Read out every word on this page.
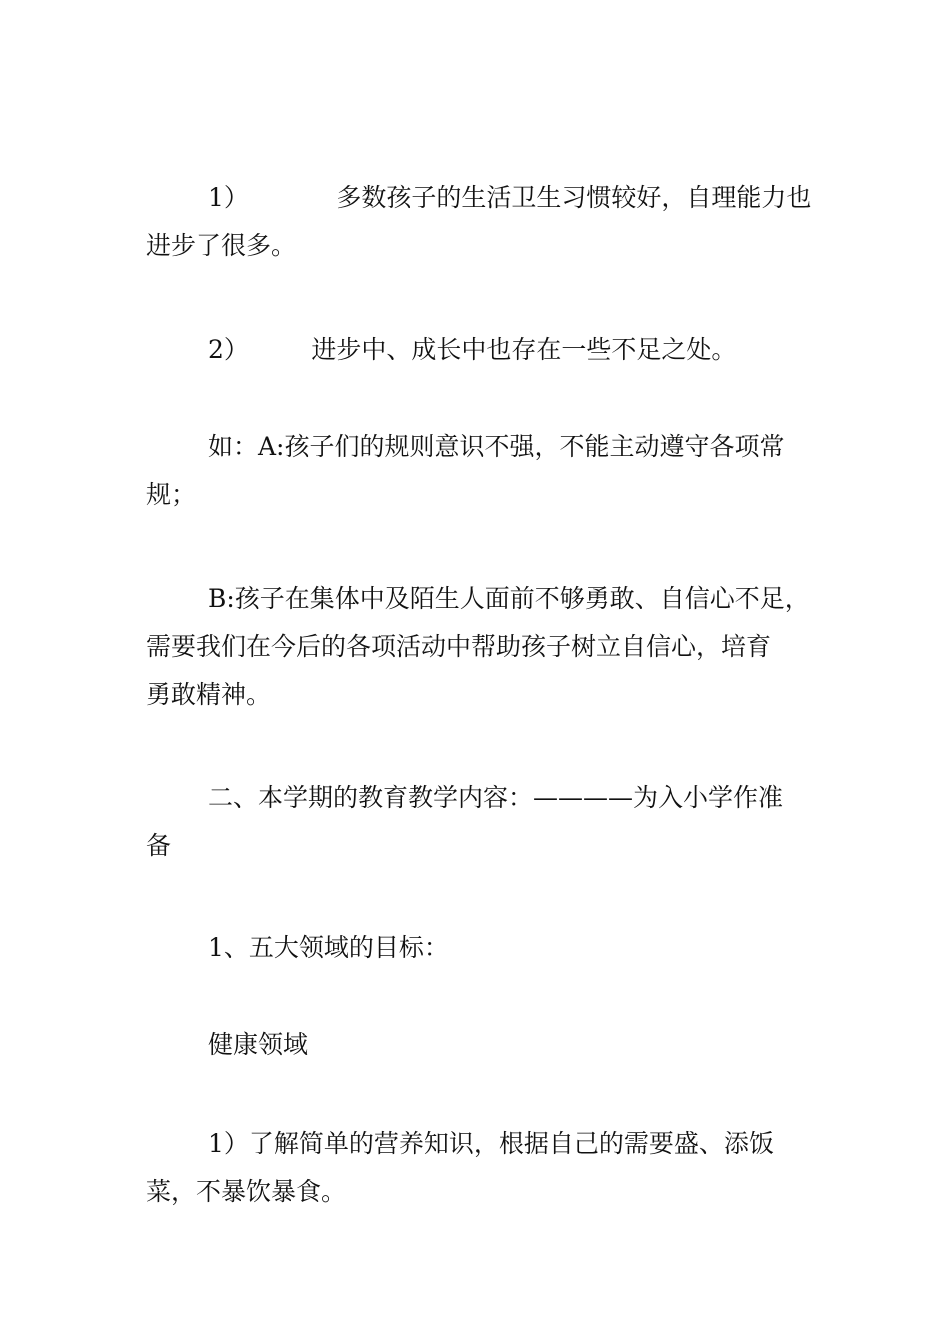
1）　　　　多数孩子的生活卫生习惯较好，自理能力也
进步了很多。
2）　　　进步中、成长中也存在一些不足之处。
如：A:孩子们的规则意识不强，不能主动遵守各项常
规；
B:孩子在集体中及陌生人面前不够勇敢、自信心不足，
需要我们在今后的各项活动中帮助孩子树立自信心，培育
勇敢精神。
二、本学期的教育教学内容：————为入小学作准
备
1、五大领域的目标：
健康领域
1）了解简单的营养知识，根据自己的需要盛、添饭
菜，不暴饮暴食。
